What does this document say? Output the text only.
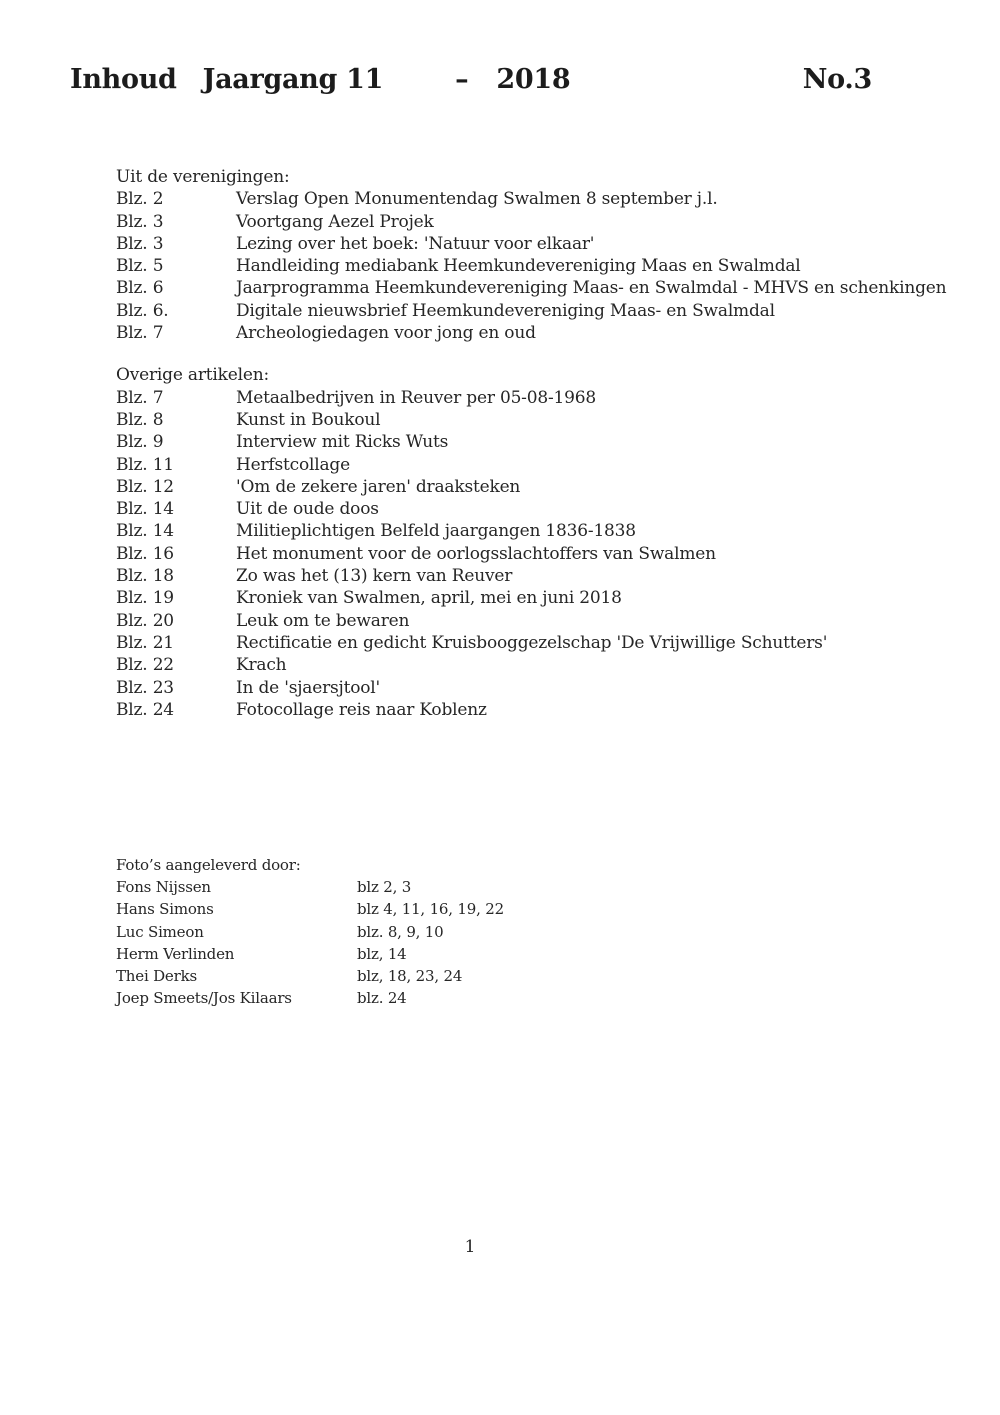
Inhoud Jaargang 11	– 2018	No.3
Uit de verenigingen:
Blz. 2	Verslag Open Monumentendag Swalmen 8 september j.l.
Blz. 3	Voortgang Aezel Projek
Blz. 3	Lezing over het boek: 'Natuur voor elkaar'
Blz. 5	Handleiding mediabank Heemkundevereniging Maas en Swalmdal
Blz. 6	Jaarprogramma Heemkundevereniging Maas- en Swalmdal - MHVS en schenkingen
Blz. 6.	Digitale nieuwsbrief Heemkundevereniging Maas- en Swalmdal
Blz. 7	Archeologiedagen voor jong en oud
Overige artikelen:
Blz. 7	Metaalbedrijven in Reuver per 05-08-1968
Blz. 8	Kunst in Boukoul
Blz. 9	Interview mit Ricks Wuts
Blz. 11	Herfstcollage
Blz. 12	'Om de zekere jaren' draaksteken
Blz. 14	Uit de oude doos
Blz. 14	Militieplichtigen Belfeld jaargangen 1836-1838
Blz. 16	Het monument voor de oorlogsslachtoffers van Swalmen
Blz. 18	Zo was het (13) kern van Reuver
Blz. 19	Kroniek van Swalmen, april, mei en juni 2018
Blz. 20	Leuk om te bewaren
Blz. 21	Rectificatie en gedicht Kruisbooggezelschap 'De Vrijwillige Schutters'
Blz. 22	Krach
Blz. 23	In de 'sjaersjtool'
Blz. 24	Fotocollage reis naar Koblenz
Foto’s aangeleverd door:
Fons Nijssen	blz 2, 3
Hans Simons	blz 4, 11, 16, 19, 22
Luc Simeon	blz. 8, 9, 10
Herm Verlinden	blz, 14
Thei Derks	blz, 18, 23, 24
Joep Smeets/Jos Kilaars	blz. 24
1
